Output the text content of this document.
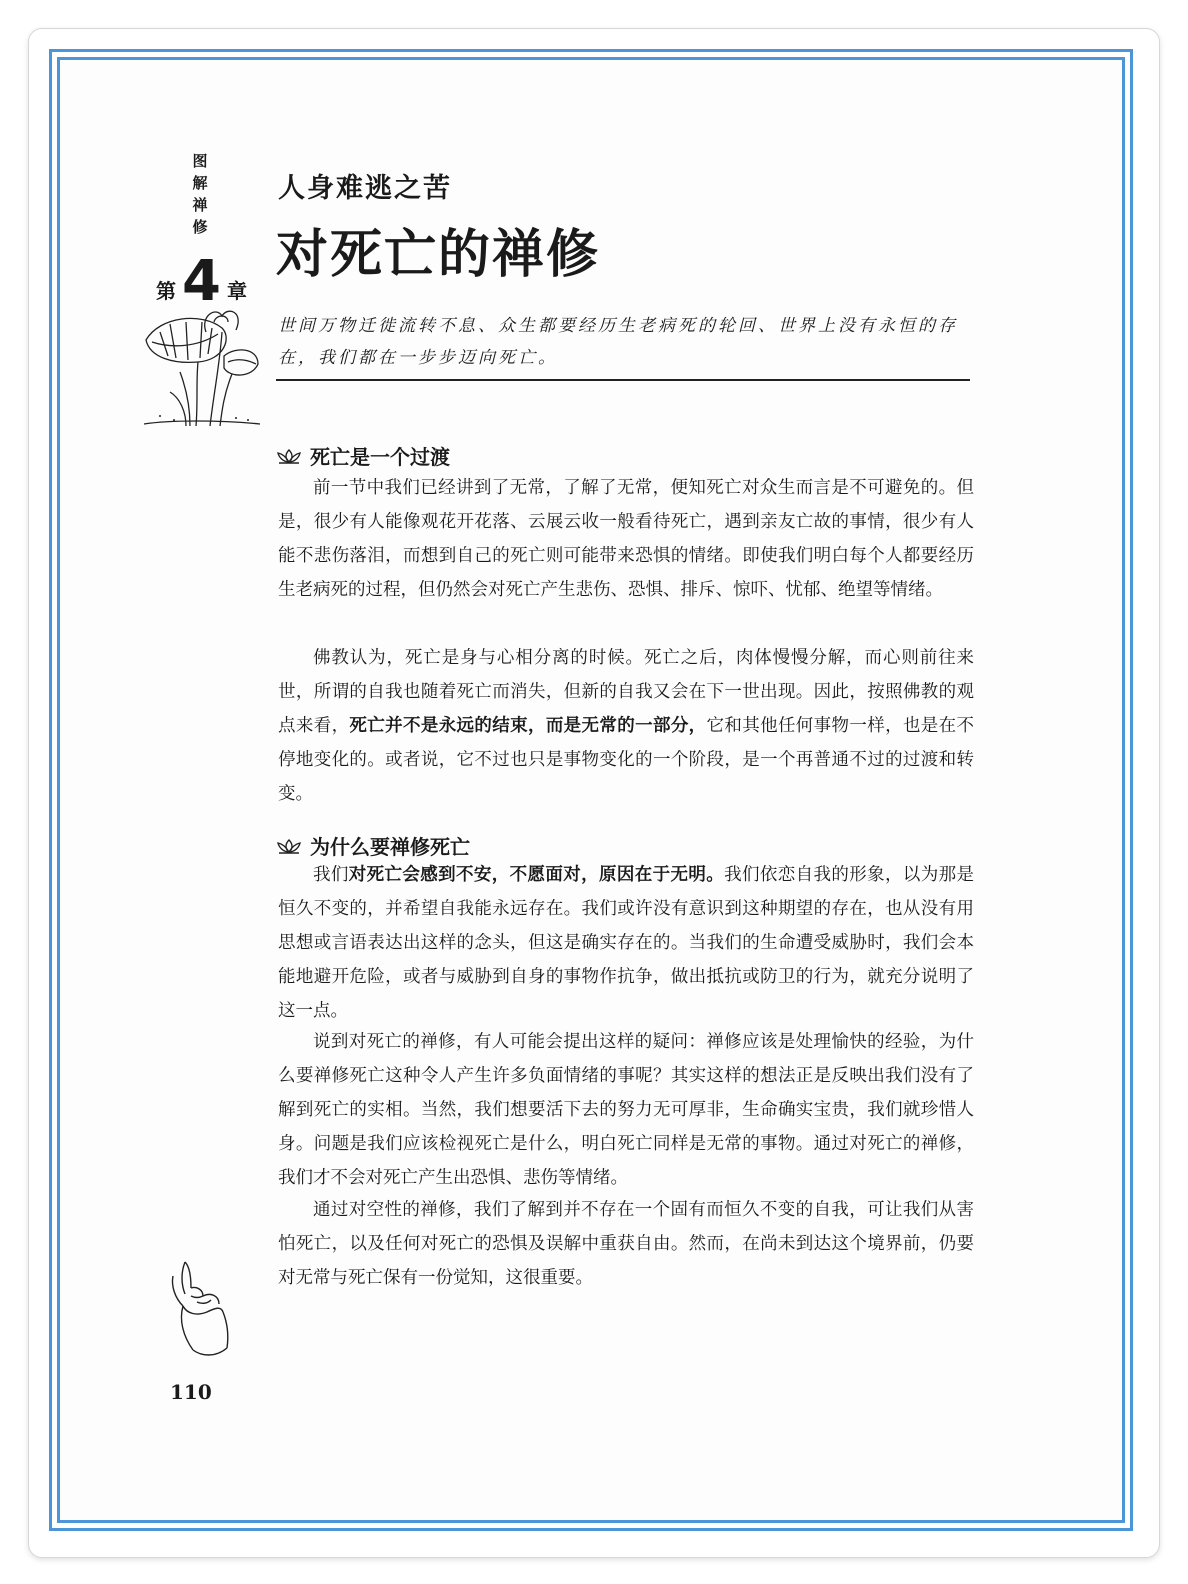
图解禅修
第 4 章
人身难逃之苦
对死亡的禅修
世间万物迁徙流转不息、众生都要经历生老病死的轮回、世界上没有永恒的存在，我们都在一步步迈向死亡。
死亡是一个过渡
前一节中我们已经讲到了无常，了解了无常，便知死亡对众生而言是不可避免的。但是，很少有人能像观花开花落、云展云收一般看待死亡，遇到亲友亡故的事情，很少有人能不悲伤落泪，而想到自己的死亡则可能带来恐惧的情绪。即使我们明白每个人都要经历生老病死的过程，但仍然会对死亡产生悲伤、恐惧、排斥、惊吓、忧郁、绝望等情绪。
佛教认为，死亡是身与心相分离的时候。死亡之后，肉体慢慢分解，而心则前往来世，所谓的自我也随着死亡而消失，但新的自我又会在下一世出现。因此，按照佛教的观点来看，死亡并不是永远的结束，而是无常的一部分，它和其他任何事物一样，也是在不停地变化的。或者说，它不过也只是事物变化的一个阶段，是一个再普通不过的过渡和转变。
为什么要禅修死亡
我们对死亡会感到不安，不愿面对，原因在于无明。我们依恋自我的形象，以为那是恒久不变的，并希望自我能永远存在。我们或许没有意识到这种期望的存在，也从没有用思想或言语表达出这样的念头，但这是确实存在的。当我们的生命遭受威胁时，我们会本能地避开危险，或者与威胁到自身的事物作抗争，做出抵抗或防卫的行为，就充分说明了这一点。
说到对死亡的禅修，有人可能会提出这样的疑问：禅修应该是处理愉快的经验，为什么要禅修死亡这种令人产生许多负面情绪的事呢？其实这样的想法正是反映出我们没有了解到死亡的实相。当然，我们想要活下去的努力无可厚非，生命确实宝贵，我们就珍惜人身。问题是我们应该检视死亡是什么，明白死亡同样是无常的事物。通过对死亡的禅修，我们才不会对死亡产生出恐惧、悲伤等情绪。
通过对空性的禅修，我们了解到并不存在一个固有而恒久不变的自我，可让我们从害怕死亡，以及任何对死亡的恐惧及误解中重获自由。然而，在尚未到达这个境界前，仍要对无常与死亡保有一份觉知，这很重要。
110
